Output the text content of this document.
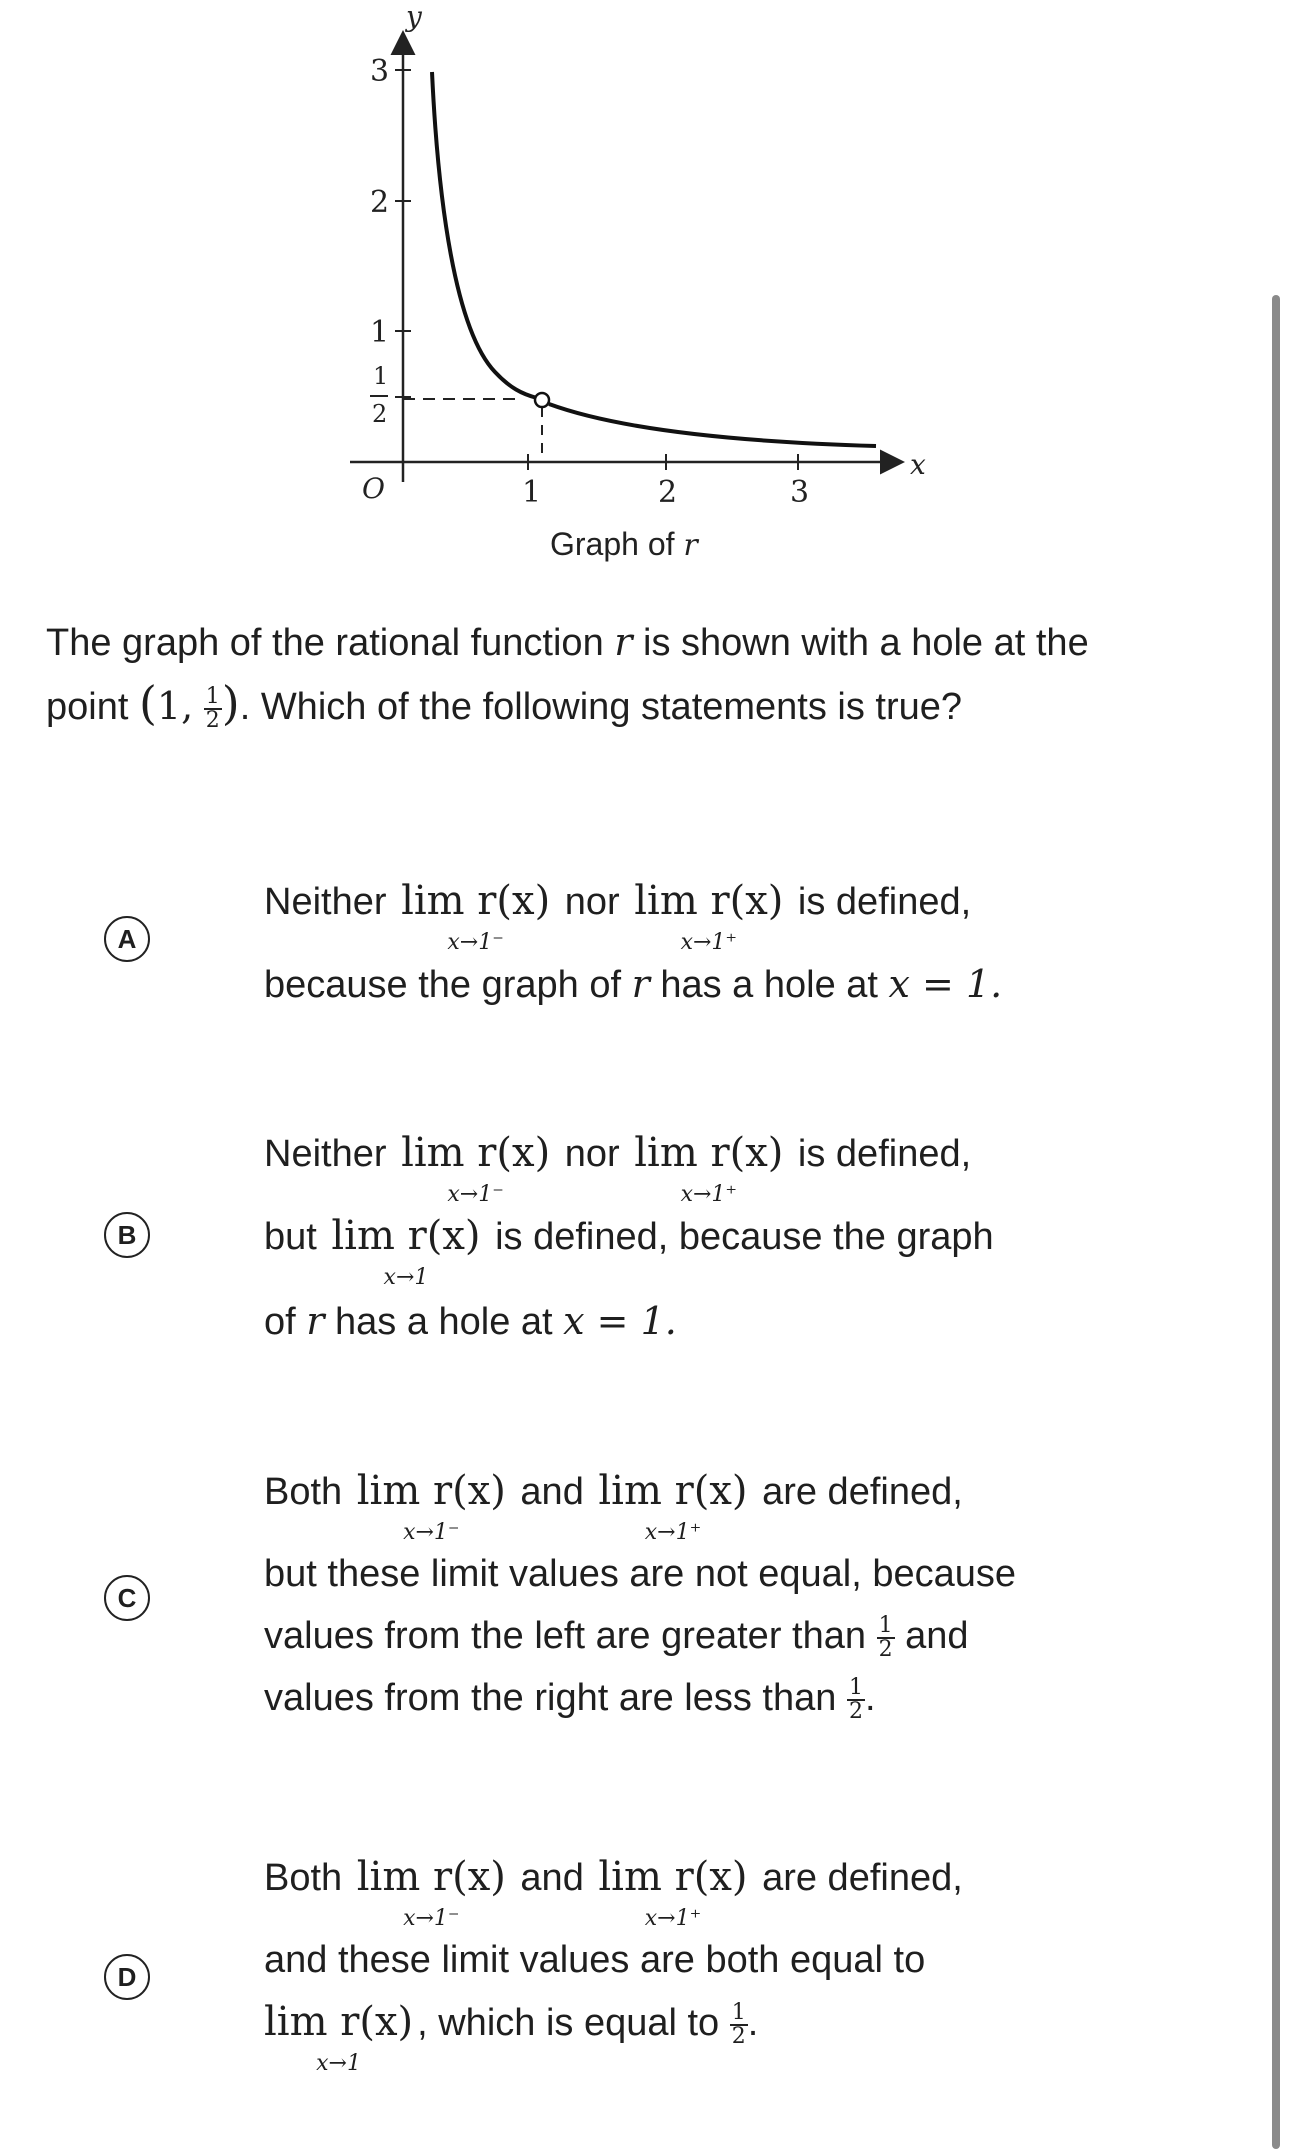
y
x
O
3
2
1
1
2
1	2	3
Graph of r
The graph of the rational function r is shown with a hole at the
point (1, $\frac{1}{2}$ ). Which of the following statements is true?
A
Neither lim r(x)
x→1⁻
nor lim r(x)
x→1⁺
is defined,
because the graph of r has a hole at x = 1.
B
Neither lim r(x)
x→1⁻
nor lim r(x)
x→1⁺
is defined,
but lim r(x)
x→1
is defined, because the graph
of r has a hole at x = 1.
C
Both lim r(x)
x→1⁻
and lim r(x)
x→1⁺
are defined,
but these limit values are not equal, because
values from the left are greater than $\frac{1}{2}$ and
values from the right are less than $\frac{1}{2}$ .
D
Both lim r(x)
x→1⁻
and lim r(x)
x→1⁺
are defined,
and these limit values are both equal to
lim r(x)
x→1
, which is equal to $\frac{1}{2}$ .
